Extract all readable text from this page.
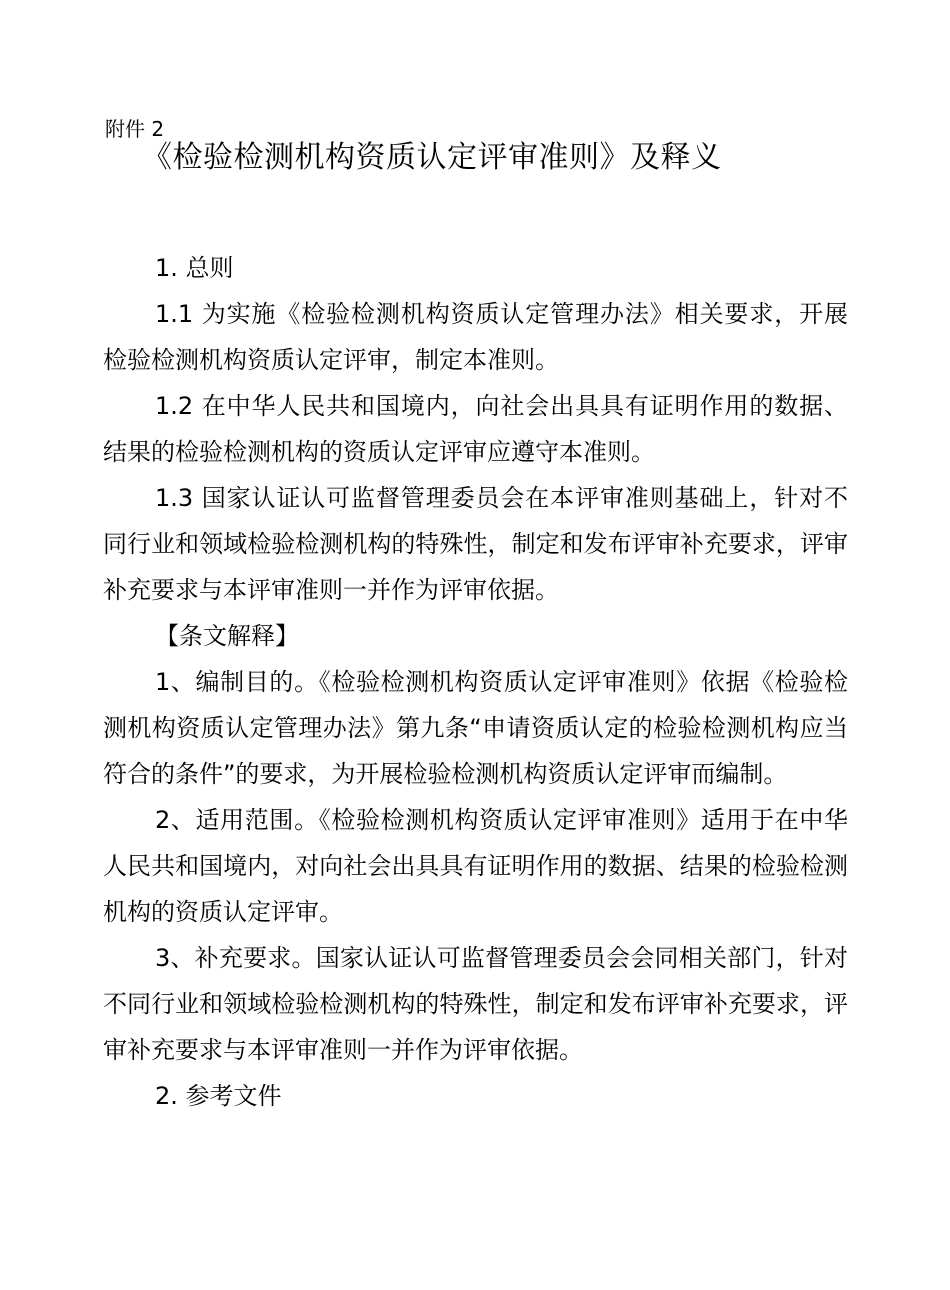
附件 2
《检验检测机构资质认定评审准则》及释义

1. 总则

1.1 为实施《检验检测机构资质认定管理办法》相关要求，开展检验检测机构资质认定评审，制定本准则。

1.2 在中华人民共和国境内，向社会出具具有证明作用的数据、结果的检验检测机构的资质认定评审应遵守本准则。

1.3 国家认证认可监督管理委员会在本评审准则基础上，针对不同行业和领域检验检测机构的特殊性，制定和发布评审补充要求，评审补充要求与本评审准则一并作为评审依据。

【条文解释】

1、编制目的。《检验检测机构资质认定评审准则》依据《检验检测机构资质认定管理办法》第九条“申请资质认定的检验检测机构应当符合的条件”的要求，为开展检验检测机构资质认定评审而编制。

2、适用范围。《检验检测机构资质认定评审准则》适用于在中华人民共和国境内，对向社会出具具有证明作用的数据、结果的检验检测机构的资质认定评审。

3、补充要求。国家认证认可监督管理委员会会同相关部门，针对不同行业和领域检验检测机构的特殊性，制定和发布评审补充要求，评审补充要求与本评审准则一并作为评审依据。

2. 参考文件
